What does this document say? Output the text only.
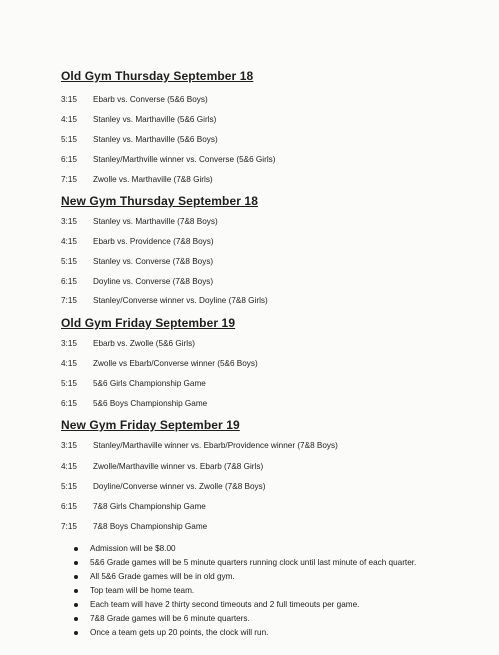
Old Gym Thursday September 18
3:15 Ebarb vs. Converse (5&6 Boys)
4:15 Stanley vs. Marthaville (5&6 Girls)
5:15 Stanley vs. Marthaville (5&6 Boys)
6:15 Stanley/Marthville winner vs. Converse (5&6 Girls)
7:15 Zwolle vs. Marthaville (7&8 Girls)
New Gym Thursday September 18
3:15 Stanley vs. Marthaville (7&8 Boys)
4:15 Ebarb vs. Providence (7&8 Boys)
5:15 Stanley vs. Converse (7&8 Boys)
6:15 Doyline vs. Converse (7&8 Boys)
7:15 Stanley/Converse winner vs. Doyline (7&8 Girls)
Old Gym Friday September 19
3:15 Ebarb vs. Zwolle (5&6 Girls)
4:15 Zwolle vs Ebarb/Converse winner (5&6 Boys)
5:15 5&6 Girls Championship Game
6:15 5&6 Boys Championship Game
New Gym Friday September 19
3:15 Stanley/Marthaville winner vs. Ebarb/Providence winner (7&8 Boys)
4:15 Zwolle/Marthaville winner vs. Ebarb (7&8 Girls)
5:15 Doyline/Converse winner vs. Zwolle (7&8 Boys)
6:15 7&8 Girls Championship Game
7:15 7&8 Boys Championship Game
Admission will be $8.00
5&6 Grade games will be 5 minute quarters running clock until last minute of each quarter.
All 5&6 Grade games will be in old gym.
Top team will be home team.
Each team will have 2 thirty second timeouts and 2 full timeouts per game.
7&8 Grade games will be 6 minute quarters.
Once a team gets up 20 points, the clock will run.
